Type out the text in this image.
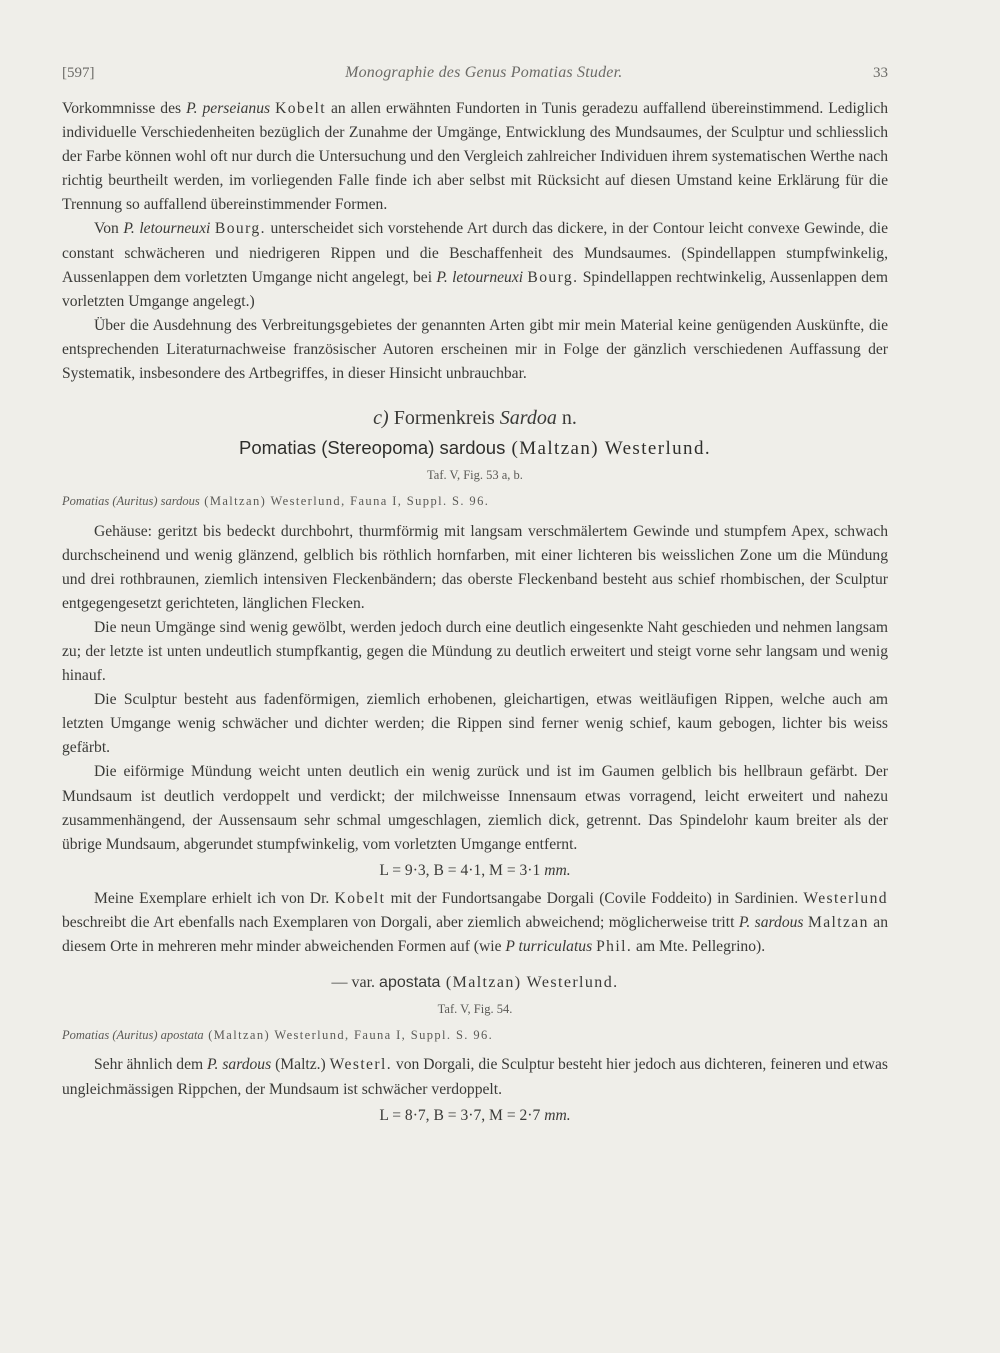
[597]	Monographie des Genus Pomatias Studer.	33

Vorkommnisse des P. perseianus Kobelt an allen erwähnten Fundorten in Tunis geradezu auffallend übereinstimmend. Lediglich individuelle Verschiedenheiten bezüglich der Zunahme der Umgänge, Entwicklung des Mundsaumes, der Sculptur und schliesslich der Farbe können wohl oft nur durch die Untersuchung und den Vergleich zahlreicher Individuen ihrem systematischen Werthe nach richtig beurtheilt werden, im vorliegenden Falle finde ich aber selbst mit Rücksicht auf diesen Umstand keine Erklärung für die Trennung so auffallend übereinstimmender Formen.

Von P. letourneuxi Bourg. unterscheidet sich vorstehende Art durch das dickere, in der Contour leicht convexe Gewinde, die constant schwächeren und niedrigeren Rippen und die Beschaffenheit des Mundsaumes. (Spindellappen stumpfwinkelig, Aussenlappen dem vorletzten Umgange nicht angelegt, bei P. letourneuxi Bourg. Spindellappen rechtwinkelig, Aussenlappen dem vorletzten Umgange angelegt.)

Über die Ausdehnung des Verbreitungsgebietes der genannten Arten gibt mir mein Material keine genügenden Auskünfte, die entsprechenden Literaturnachweise französischer Autoren erscheinen mir in Folge der gänzlich verschiedenen Auffassung der Systematik, insbesondere des Artbegriffes, in dieser Hinsicht unbrauchbar.

c) Formenkreis Sardoa n.
Pomatias (Stereopoma) sardous (Maltzan) Westerlund.
Taf. V, Fig. 53 a, b.
Pomatias (Auritus) sardous (Maltzan) Westerlund, Fauna I, Suppl. S. 96.

Gehäuse: geritzt bis bedeckt durchbohrt, thurmförmig mit langsam verschmälertem Gewinde und stumpfem Apex, schwach durchscheinend und wenig glänzend, gelblich bis röthlich hornfarben, mit einer lichteren bis weisslichen Zone um die Mündung und drei rothbraunen, ziemlich intensiven Fleckenbändern; das oberste Fleckenband besteht aus schief rhombischen, der Sculptur entgegengesetzt gerichteten, länglichen Flecken.

Die neun Umgänge sind wenig gewölbt, werden jedoch durch eine deutlich eingesenkte Naht geschieden und nehmen langsam zu; der letzte ist unten undeutlich stumpfkantig, gegen die Mündung zu deutlich erweitert und steigt vorne sehr langsam und wenig hinauf.

Die Sculptur besteht aus fadenförmigen, ziemlich erhobenen, gleichartigen, etwas weitläufigen Rippen, welche auch am letzten Umgange wenig schwächer und dichter werden; die Rippen sind ferner wenig schief, kaum gebogen, lichter bis weiss gefärbt.

Die eiförmige Mündung weicht unten deutlich ein wenig zurück und ist im Gaumen gelblich bis hellbraun gefärbt. Der Mundsaum ist deutlich verdoppelt und verdickt; der milchweisse Innensaum etwas vorragend, leicht erweitert und nahezu zusammenhängend, der Aussensaum sehr schmal umgeschlagen, ziemlich dick, getrennt. Das Spindelohr kaum breiter als der übrige Mundsaum, abgerundet stumpfwinkelig, vom vorletzten Umgange entfernt.

L = 9·3, B = 4·1, M = 3·1 mm.

Meine Exemplare erhielt ich von Dr. Kobelt mit der Fundortsangabe Dorgali (Covile Foddeito) in Sardinien. Westerlund beschreibt die Art ebenfalls nach Exemplaren von Dorgali, aber ziemlich abweichend; möglicherweise tritt P. sardous Maltzan an diesem Orte in mehreren mehr minder abweichenden Formen auf (wie P turriculatus Phil. am Mte. Pellegrino).

— var. apostata (Maltzan) Westerlund.
Taf. V, Fig. 54.
Pomatias (Auritus) apostata (Maltzan) Westerlund, Fauna I, Suppl. S. 96.

Sehr ähnlich dem P. sardous (Maltz.) Westerl. von Dorgali, die Sculptur besteht hier jedoch aus dichteren, feineren und etwas ungleichmässigen Rippchen, der Mundsaum ist schwächer verdoppelt.

L = 8·7, B = 3·7, M = 2·7 mm.
